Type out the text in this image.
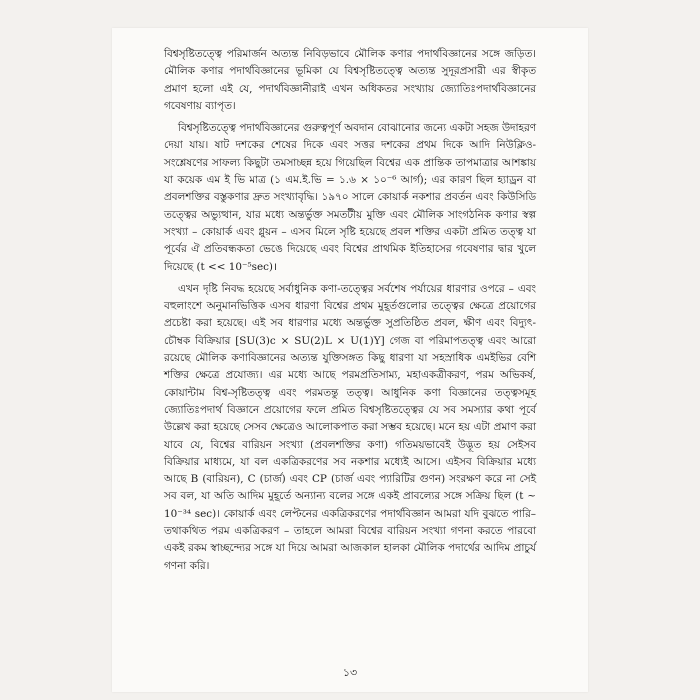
বিশ্বসৃষ্টিতত্ত্বে পরিমার্জন অত্যন্ত নিবিড়ভাবে মৌলিক কণার পদার্থবিজ্ঞানের সঙ্গে জড়িত। মৌলিক কণার পদার্থবিজ্ঞানের ভূমিকা যে বিশ্বসৃষ্টিতত্ত্বে অত্যন্ত সুদূরপ্রসারী এর স্বীকৃত প্রমাণ হলো এই যে, পদার্থবিজ্ঞানীরাই এখন অধিকতর সংখ্যায় জ্যোতিঃপদার্থবিজ্ঞানের গবেষণায় ব্যাপৃত।

বিশ্বসৃষ্টিতত্ত্বে পদার্থবিজ্ঞানের গুরুত্বপূর্ণ অবদান বোঝানোর জন্যে একটা সহজ উদাহরণ দেয়া যায়। ষাট দশকের শেষের দিকে এবং সত্তর দশকের প্রথম দিকে আদি নিউক্লিও-সংশ্লেষণের সাফল্য কিছুটা তমসাচ্ছন্ন হয়ে গিয়েছিল বিশ্বের এক প্রান্তিক তাপমাত্রার আশঙ্কায় যা কয়েক এম ই ভি মাত্র (১ এম.ই.ভি = ১.৬ × ১০⁻⁶ আর্গ); এর কারণ ছিল হ্যাড্রন বা প্রবলশক্তির বস্তুকণার দ্রুত সংখ্যাবৃদ্ধি। ১৯৭০ সালে কোয়ার্ক নকশার প্রবর্তন এবং কিউসিডি তত্ত্বের অভ্যুত্থান, যার মধ্যে অন্তর্ভুক্ত সমতটীয় মুক্তি এবং মৌলিক সাংগঠনিক কণার স্বল্প সংখ্যা – কোয়ার্ক এবং গ্লুয়ন – এসব মিলে সৃষ্টি হয়েছে প্রবল শক্তির একটা প্রমিত তত্ত্ব যা পূর্বের ঐ প্রতিবন্ধকতা ভেঙে দিয়েছে এবং বিশ্বের প্রাথমিক ইতিহাসের গবেষণার দ্বার খুলে দিয়েছে (t << 10⁻⁵sec)।

এখন দৃষ্টি নিবদ্ধ হয়েছে সর্বাধুনিক কণা-তত্ত্বের সর্বশেষ পর্যায়ের ধারণার ওপরে – এবং বহুলাংশে অনুমানভিত্তিক এসব ধারণা বিশ্বের প্রথম মুহূর্তগুলোর তত্ত্বের ক্ষেত্রে প্রয়োগের প্রচেষ্টা করা হয়েছে। এই সব ধারণার মধ্যে অন্তর্ভুক্ত সুপ্রতিষ্ঠিত প্রবল, ক্ষীণ এবং বিদ্যুৎ-চৌম্বক বিক্রিয়ার [SU(3)c × SU(2)L × U(1)Y] গেজ বা পরিমাপতত্ত্ব এবং আরো রয়েছে মৌলিক কণাবিজ্ঞানের অত্যন্ত যুক্তিসঙ্গত কিছু ধারণা যা সহস্রাধিক এমইভির বেশি শক্তির ক্ষেত্রে প্রযোজ্য। এর মধ্যে আছে পরমপ্রতিসাম্য, মহাএকত্রীকরণ, পরম অভিকর্ষ, কোয়ান্টাম বিশ্ব-সৃষ্টিতত্ত্ব এবং পরমতন্তু তত্ত্ব। আধুনিক কণা বিজ্ঞানের তত্ত্বসমূহ জ্যোতিঃপদার্থ বিজ্ঞানে প্রয়োগের ফলে প্রমিত বিশ্বসৃষ্টিতত্ত্বের যে সব সমস্যার কথা পূর্বে উল্লেখ করা হয়েছে সেসব ক্ষেত্রেও আলোকপাত করা সম্ভব হয়েছে। মনে হয় এটা প্রমাণ করা যাবে যে, বিশ্বের বারিয়ন সংখ্যা (প্রবলশক্তির কণা) গতিময়ভাবেই উদ্ভূত হয় সেইসব বিক্রিয়ার মাধ্যমে, যা বল একত্রিকরণের সব নকশার মধ্যেই আসে। এইসব বিক্রিয়ার মধ্যে আছে B (বারিয়ন), C (চার্জ) এবং CP (চার্জ এবং প্যারিটির গুণন) সংরক্ষণ করে না সেই সব বল, যা অতি আদিম মুহূর্তে অন্যান্য বলের সঙ্গে একই প্রাবল্যের সঙ্গে সক্রিয় ছিল (t ~ 10⁻³⁴ sec)। কোয়ার্ক এবং লেপ্টনের একত্রিকরণের পদার্থবিজ্ঞান আমরা যদি বুঝতে পারি– তথাকথিত পরম একত্রিকরণ – তাহলে আমরা বিশ্বের বারিয়ন সংখ্যা গণনা করতে পারবো একই রকম স্বাচ্ছন্দ্যের সঙ্গে যা দিয়ে আমরা আজকাল হালকা মৌলিক পদার্থের আদিম প্রাচুর্য গণনা করি।

১৩
